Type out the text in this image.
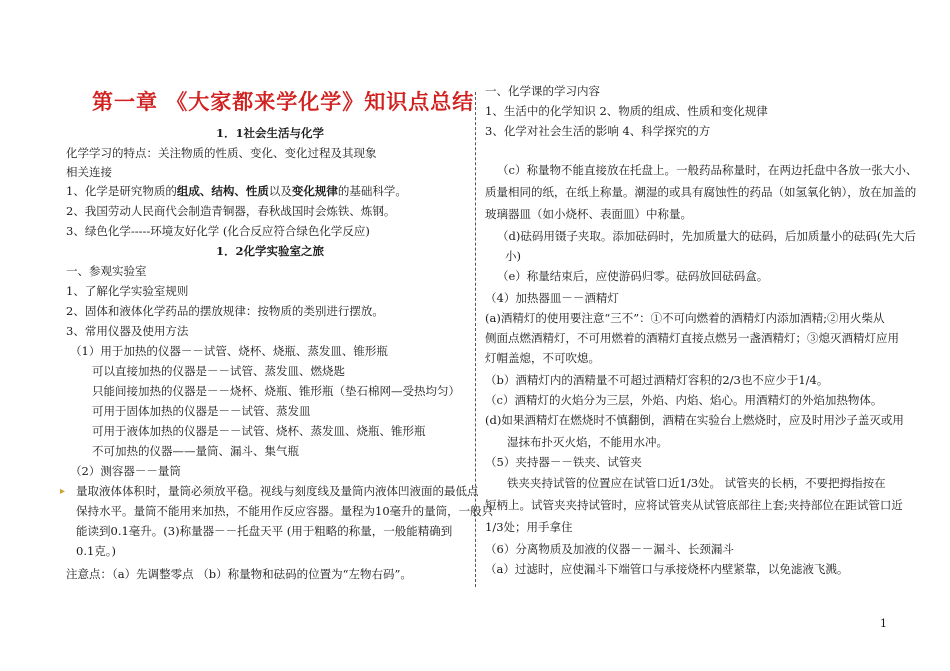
第一章 《大家都来学化学》知识点总结
1．1社会生活与化学
化学学习的特点：关注物质的性质、变化、变化过程及其现象
相关连接
1、化学是研究物质的组成、结构、性质以及变化规律的基础科学。
2、我国劳动人民商代会制造青铜器，春秋战国时会炼铁、炼钢。
3、绿色化学-----环境友好化学 (化合反应符合绿色化学反应)
1．2化学实验室之旅
一、参观实验室
1、了解化学实验室规则
2、固体和液体化学药品的摆放规律：按物质的类别进行摆放。
3、常用仪器及使用方法
（1）用于加热的仪器－－试管、烧杯、烧瓶、蒸发皿、锥形瓶
可以直接加热的仪器是－－试管、蒸发皿、燃烧匙
只能间接加热的仪器是－－烧杯、烧瓶、锥形瓶（垫石棉网—受热均匀）
可用于固体加热的仪器是－－试管、蒸发皿
可用于液体加热的仪器是－－试管、烧杯、蒸发皿、烧瓶、锥形瓶
不可加热的仪器——量筒、漏斗、集气瓶
（2）测容器－－量筒
量取液体体积时，量筒必须放平稳。视线与刻度线及量筒内液体凹液面的最低点
保持水平。量筒不能用来加热，不能用作反应容器。量程为10毫升的量筒，一般只
能读到0.1毫升。(3)称量器－－托盘天平 (用于粗略的称量，一般能精确到
0.1克。)
注意点：（a）先调整零点 （b）称量物和砝码的位置为“左物右码”。
▸
一、化学课的学习内容
1、生活中的化学知识 2、物质的组成、性质和变化规律
3、化学对社会生活的影响 4、科学探究的方
（c）称量物不能直接放在托盘上。一般药品称量时，在两边托盘中各放一张大小、
质量相同的纸，在纸上称量。潮湿的或具有腐蚀性的药品（如氢氧化钠），放在加盖的
玻璃器皿（如小烧杯、表面皿）中称量。
（d)砝码用镊子夹取。添加砝码时，先加质量大的砝码，后加质量小的砝码(先大后
小)
（e）称量结束后，应使游码归零。砝码放回砝码盒。
（4）加热器皿－－酒精灯
(a)酒精灯的使用要注意“三不”：①不可向燃着的酒精灯内添加酒精;②用火柴从
侧面点燃酒精灯，不可用燃着的酒精灯直接点燃另一盏酒精灯；③熄灭酒精灯应用
灯帽盖熄，不可吹熄。
（b）酒精灯内的酒精量不可超过酒精灯容积的2/3也不应少于1/4。
（c）酒精灯的火焰分为三层，外焰、内焰、焰心。用酒精灯的外焰加热物体。
(d)如果酒精灯在燃烧时不慎翻倒，酒精在实验台上燃烧时，应及时用沙子盖灭或用
湿抹布扑灭火焰，不能用水冲。
（5）夹持器－－铁夹、试管夹
铁夹夹持试管的位置应在试管口近1/3处。 试管夹的长柄，不要把拇指按在
短柄上。试管夹夹持试管时，应将试管夹从试管底部往上套;夹持部位在距试管口近
1/3处；用手拿住
（6）分离物质及加液的仪器－－漏斗、长颈漏斗
（a）过滤时，应使漏斗下端管口与承接烧杯内壁紧靠，以免滤液飞溅。
1
